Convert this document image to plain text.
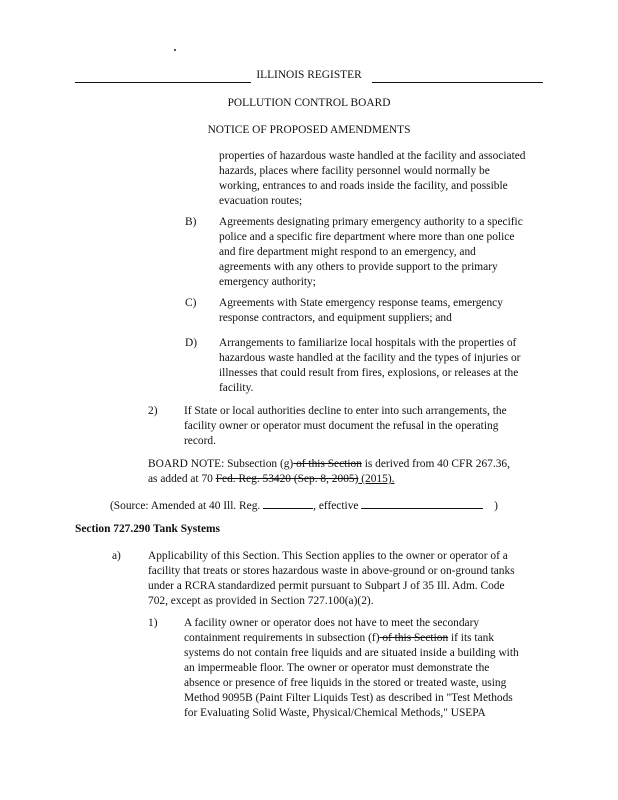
ILLINOIS REGISTER
POLLUTION CONTROL BOARD
NOTICE OF PROPOSED AMENDMENTS
properties of hazardous waste handled at the facility and associated
hazards, places where facility personnel would normally be
working, entrances to and roads inside the facility, and possible
evacuation routes;
B) Agreements designating primary emergency authority to a specific
police and a specific fire department where more than one police
and fire department might respond to an emergency, and
agreements with any others to provide support to the primary
emergency authority;
C) Agreements with State emergency response teams, emergency
response contractors, and equipment suppliers; and
D) Arrangements to familiarize local hospitals with the properties of
hazardous waste handled at the facility and the types of injuries or
illnesses that could result from fires, explosions, or releases at the
facility.
2) If State or local authorities decline to enter into such arrangements, the
facility owner or operator must document the refusal in the operating
record.
BOARD NOTE: Subsection (g) of this Section is derived from 40 CFR 267.36,
as added at 70 Fed. Reg. 53420 (Sep. 8, 2005) (2015).
(Source: Amended at 40 Ill. Reg.	, effective	)
Section 727.290 Tank Systems
a) Applicability of this Section. This Section applies to the owner or operator of a
facility that treats or stores hazardous waste in above-ground or on-ground tanks
under a RCRA standardized permit pursuant to Subpart J of 35 Ill. Adm. Code
702, except as provided in Section 727.100(a)(2).
1) A facility owner or operator does not have to meet the secondary
containment requirements in subsection (f) of this Section if its tank
systems do not contain free liquids and are situated inside a building with
an impermeable floor. The owner or operator must demonstrate the
absence or presence of free liquids in the stored or treated waste, using
Method 9095B (Paint Filter Liquids Test) as described in "Test Methods
for Evaluating Solid Waste, Physical/Chemical Methods," USEPA
